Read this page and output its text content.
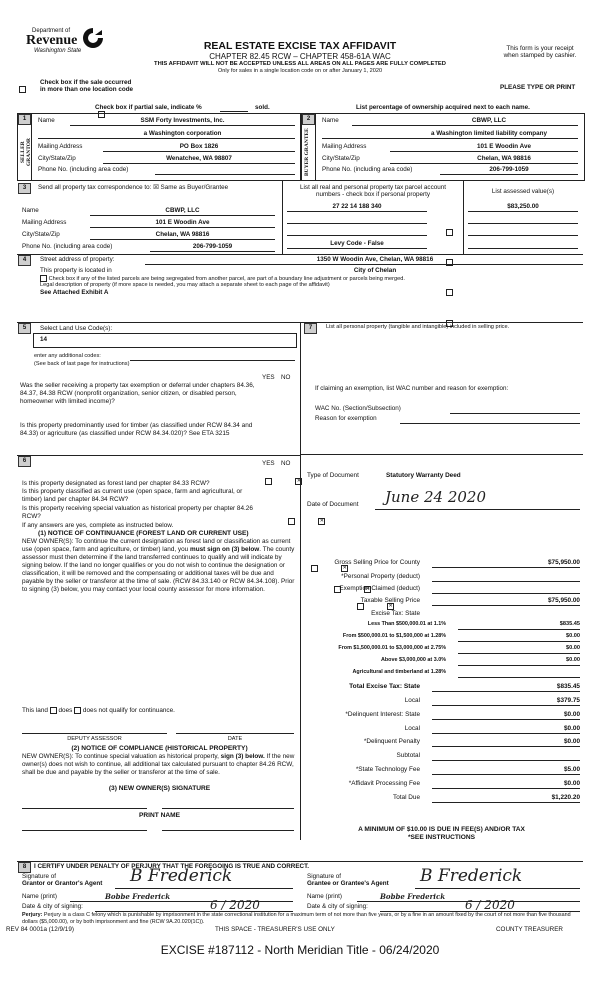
Department of
Revenue
Washington State	REAL ESTATE EXCISE TAX AFFIDAVIT
CHAPTER 82.45 RCW – CHAPTER 458-61A WAC
THIS AFFIDAVIT WILL NOT BE ACCEPTED UNLESS ALL AREAS ON ALL PAGES ARE FULLY COMPLETED
Only for sales in a single location code on or after January 1, 2020
This form is your receipt
when stamped by cashier.

Check box if the sale occurred
in more than one location code	PLEASE TYPE OR PRINT
Check box if partial sale, indicate %	sold.	List percentage of ownership acquired next to each name.
1
SELLER GRANTOR
Name	SSM Forty Investments, Inc.
a Washington corporation
Mailing Address	PO Box 1826
City/State/Zip	Wenatchee, WA 98807
Phone No. (including area code)
2
BUYER GRANTEE
Name	CBWP, LLC
a Washington limited liability company
Mailing Address	101 E Woodin Ave
City/State/Zip	Chelan, WA 98816
Phone No. (including area code)	206-799-1059
3	Send all property tax correspondence to: ☒ Same as Buyer/Grantee
Name	CBWP, LLC
Mailing Address	101 E Woodin Ave
City/State/Zip	Chelan, WA 98816
Phone No. (including area code)	206-799-1059
List all real and personal property tax parcel account
numbers - check box if personal property	List assessed value(s)
27 22 14 188 340	$83,250.00
Levy Code - False
4	Street address of property:	1350 W Woodin Ave, Chelan, WA 98816
This property is located in	City of Chelan
Check box if any of the listed parcels are being segregated from another parcel, are part of a boundary line adjustment or parcels being merged.
Legal description of property (if more space is needed, you may attach a separate sheet to each page of the affidavit)
See Attached Exhibit A
5	Select Land Use Code(s):
14
enter any additional codes:
(See back of last page for instructions)
YES NO
Was the seller receiving a property tax exemption or deferral under chapters 84.36, 84.37, 84.38 RCW (nonprofit organization, senior citizen, or disabled person, homeowner with limited income)?
✕
Is this property predominantly used for timber (as classified under RCW 84.34 and 84.33) or agriculture (as classified under RCW 84.34.020)? See ETA 3215
✕
7	List all personal property (tangible and intangible) included in selling price.
If claiming an exemption, list WAC number and reason for exemption:
WAC No. (Section/Subsection)
Reason for exemption
6	YES NO
✕
Is this property designated as forest land per chapter 84.33 RCW?
Is this property classified as current use (open space, farm and agricultural, or timber) land per chapter 84.34 RCW?
✕
Is this property receiving special valuation as historical property per chapter 84.26 RCW?
✕
If any answers are yes, complete as instructed below.
(1) NOTICE OF CONTINUANCE (FOREST LAND OR CURRENT USE)
NEW OWNER(S): To continue the current designation as forest land or classification as current use (open space, farm and agriculture, or timber) land, you must sign on (3) below. The county assessor must then determine if the land transferred continues to qualify and will indicate by signing below. If the land no longer qualifies or you do not wish to continue the designation or classification, it will be removed and the compensating or additional taxes will be due and payable by the seller or transferor at the time of sale. (RCW 84.33.140 or RCW 84.34.108). Prior to signing (3) below, you may contact your local county assessor for more information.
This land does does not qualify for continuance.
DEPUTY ASSESSOR	DATE
(2) NOTICE OF COMPLIANCE (HISTORICAL PROPERTY)
NEW OWNER(S): To continue special valuation as historical property, sign (3) below. If the new owner(s) does not wish to continue, all additional tax calculated pursuant to chapter 84.26 RCW, shall be due and payable by the seller or transferor at the time of sale.
(3) NEW OWNER(S) SIGNATURE
PRINT NAME
Type of Document	Statutory Warranty Deed
Date of Document June 24 2020
Gross Selling Price for County	$75,950.00
*Personal Property (deduct)
Exemption Claimed (deduct)
Taxable Selling Price	$75,950.00
Excise Tax: State
Less Than $500,000.01 at 1.1%	$835.45
From $500,000.01 to $1,500,000 at 1.28%	$0.00
From $1,500,000.01 to $3,000,000 at 2.75%	$0.00
Above $3,000,000 at 3.0%	$0.00
Agricultural and timberland at 1.28%
Total Excise Tax: State	$835.45
Local	$379.75
*Delinquent Interest: State	$0.00
Local	$0.00
*Delinquent Penalty	$0.00
Subtotal
*State Technology Fee	$5.00
*Affidavit Processing Fee	$0.00
Total Due	$1,220.20
A MINIMUM OF $10.00 IS DUE IN FEE(S) AND/OR TAX
*SEE INSTRUCTIONS
8	I CERTIFY UNDER PENALTY OF PERJURY THAT THE FOREGOING IS TRUE AND CORRECT.
Signature of
Grantor or Grantor's Agent B Frederick
Name (print)	Bobbe Frederick
Date & city of signing:	6 / 2020
Signature of
Grantee or Grantee's Agent B Frederick
Name (print)	Bobbe Frederick
Date & city of signing:	6 / 2020
Perjury: Perjury is a class C felony which is punishable by imprisonment in the state correctional institution for a maximum term of not more than five years, or by a fine in an amount fixed by the court of not more than five thousand dollars ($5,000.00), or by both imprisonment and fine (RCW 9A.20.020(1C)).
REV 84 0001a (12/9/19)	THIS SPACE - TREASURER'S USE ONLY	COUNTY TREASURER
EXCISE #187112 - North Meridian Title - 06/24/2020
